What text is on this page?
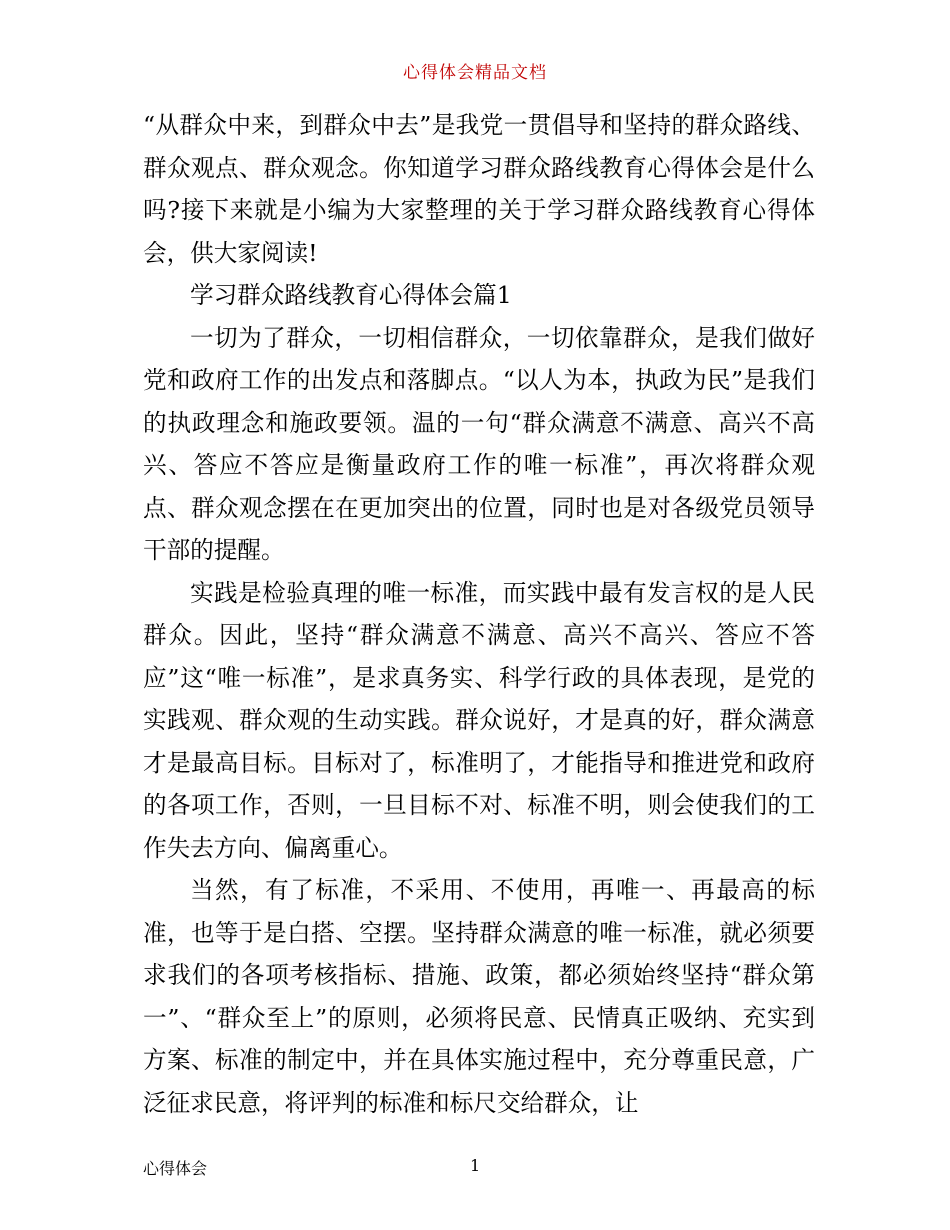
心得体会精品文档

“从群众中来，到群众中去”是我党一贯倡导和坚持的群众路线、群众观点、群众观念。你知道学习群众路线教育心得体会是什么吗?接下来就是小编为大家整理的关于学习群众路线教育心得体会，供大家阅读!

学习群众路线教育心得体会篇1

一切为了群众，一切相信群众，一切依靠群众，是我们做好党和政府工作的出发点和落脚点。“以人为本，执政为民”是我们的执政理念和施政要领。温的一句“群众满意不满意、高兴不高兴、答应不答应是衡量政府工作的唯一标准”，再次将群众观点、群众观念摆在在更加突出的位置，同时也是对各级党员领导干部的提醒。

实践是检验真理的唯一标准，而实践中最有发言权的是人民群众。因此，坚持“群众满意不满意、高兴不高兴、答应不答应”这“唯一标准”，是求真务实、科学行政的具体表现，是党的实践观、群众观的生动实践。群众说好，才是真的好，群众满意才是最高目标。目标对了，标准明了，才能指导和推进党和政府的各项工作，否则，一旦目标不对、标准不明，则会使我们的工作失去方向、偏离重心。

当然，有了标准，不采用、不使用，再唯一、再最高的标准，也等于是白搭、空摆。坚持群众满意的唯一标准，就必须要求我们的各项考核指标、措施、政策，都必须始终坚持“群众第一”、“群众至上”的原则，必须将民意、民情真正吸纳、充实到方案、标准的制定中，并在具体实施过程中，充分尊重民意，广泛征求民意，将评判的标准和标尺交给群众，让

心得体会	1
